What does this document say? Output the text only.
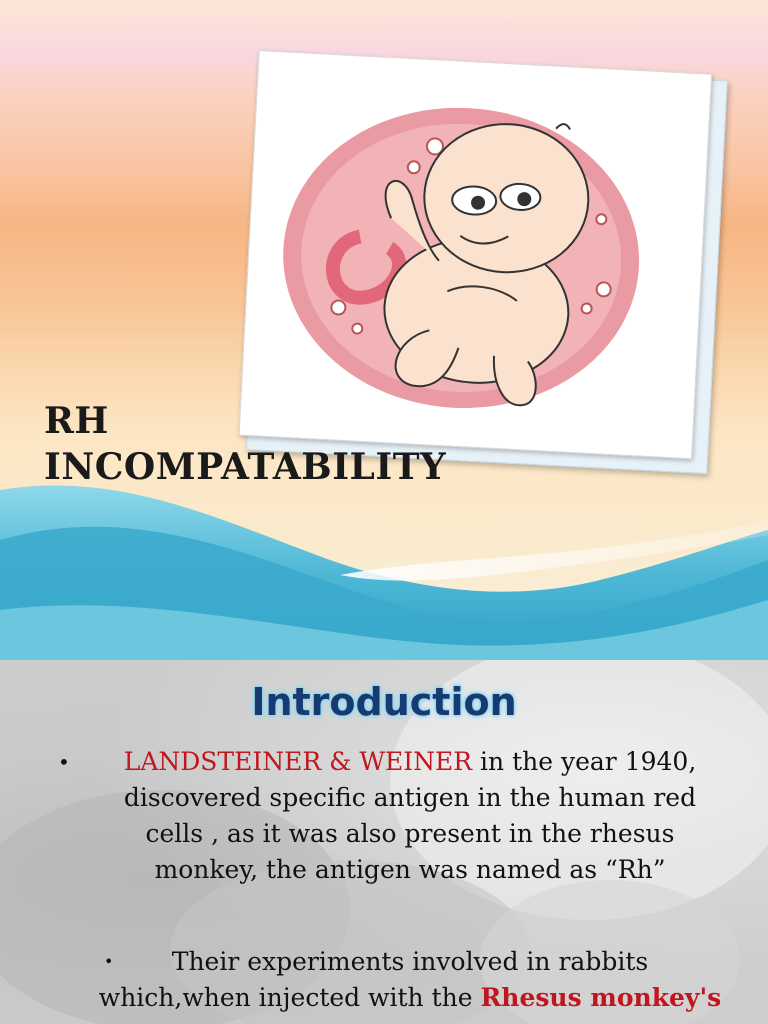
RH
INCOMPATABILITY
Introduction
• LANDSTEINER & WEINER in the year 1940,
discovered specific antigen in the human red
cells , as it was also present in the rhesus
monkey, the antigen was named as “Rh”
• Their experiments involved in rabbits
which,when injected with the Rhesus monkey's
